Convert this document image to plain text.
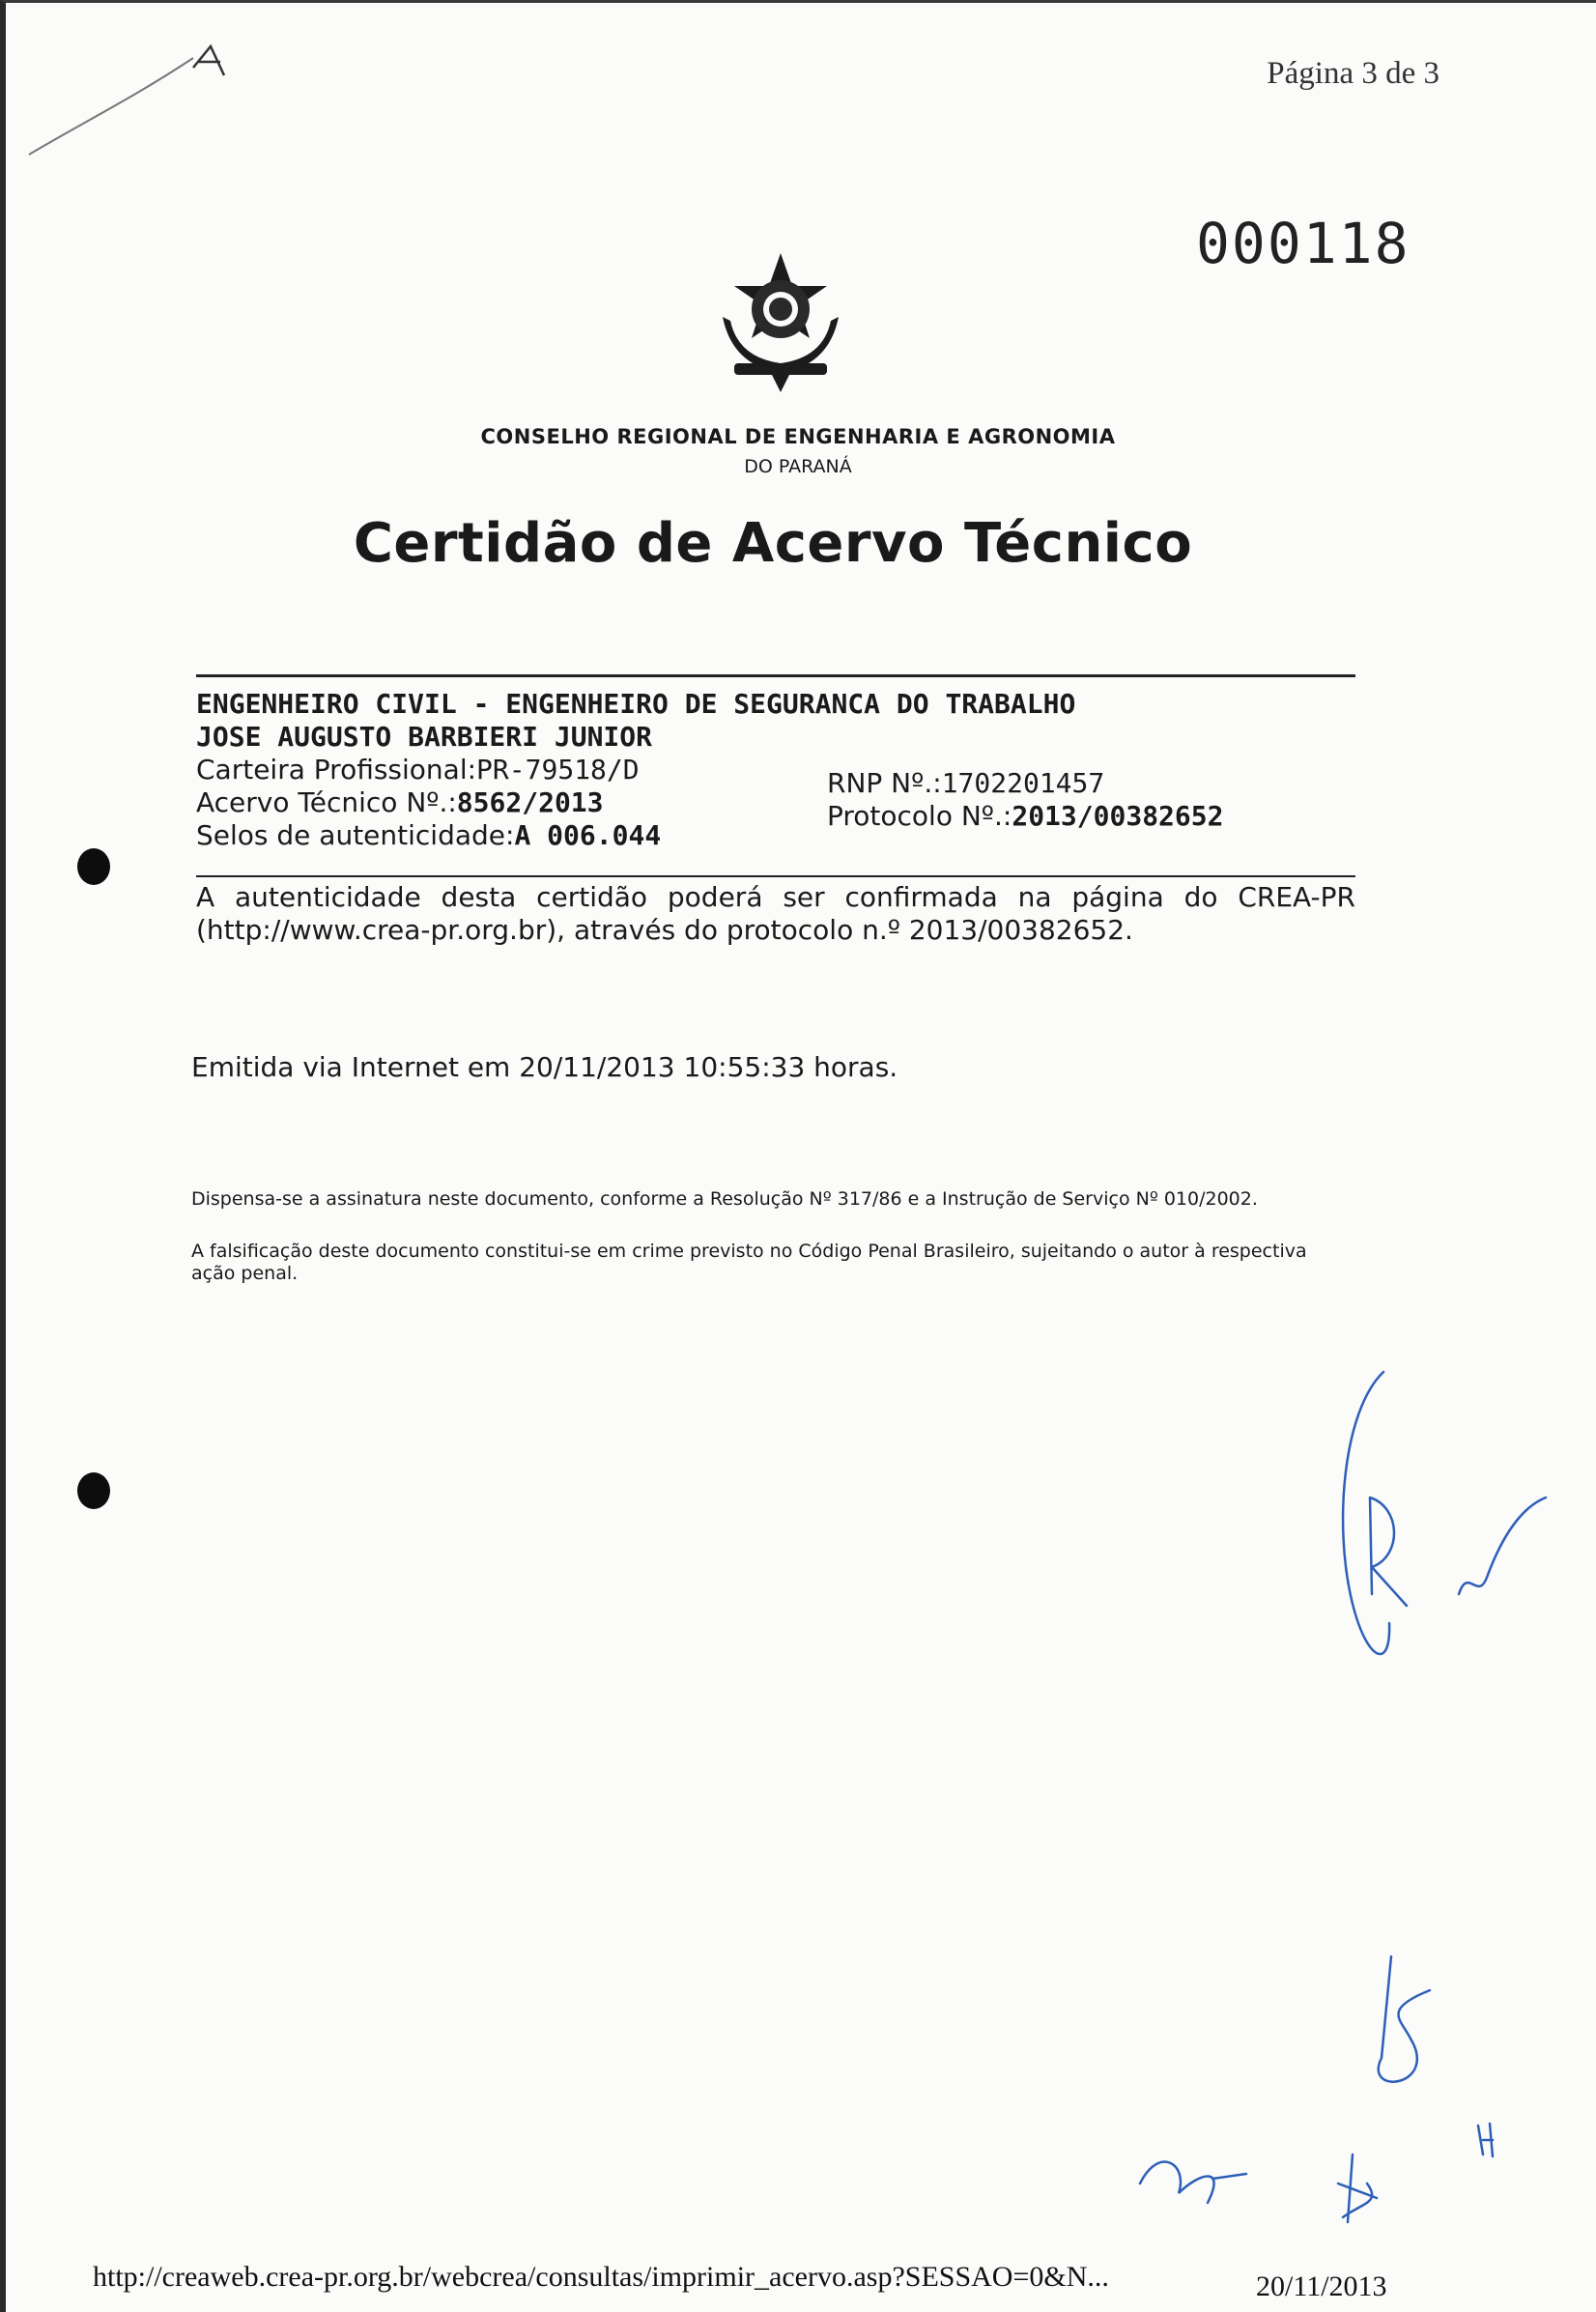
Página 3 de 3
000118
CONSELHO REGIONAL DE ENGENHARIA E AGRONOMIA
DO PARANÁ
Certidão de Acervo Técnico
ENGENHEIRO CIVIL - ENGENHEIRO DE SEGURANCA DO TRABALHO
JOSE AUGUSTO BARBIERI JUNIOR
Carteira Profissional:PR-79518/D
Acervo Técnico Nº.:8562/2013
Selos de autenticidade:A 006.044
RNP Nº.:1702201457
Protocolo Nº.:2013/00382652
A autenticidade desta certidão poderá ser confirmada na página do CREA-PR (http://www.crea-pr.org.br), através do protocolo n.º 2013/00382652.
Emitida via Internet em 20/11/2013 10:55:33 horas.
Dispensa-se a assinatura neste documento, conforme a Resolução Nº 317/86 e a Instrução de Serviço Nº 010/2002.
A falsificação deste documento constitui-se em crime previsto no Código Penal Brasileiro, sujeitando o autor à respectiva ação penal.
http://creaweb.crea-pr.org.br/webcrea/consultas/imprimir_acervo.asp?SESSAO=0&N...	20/11/2013
